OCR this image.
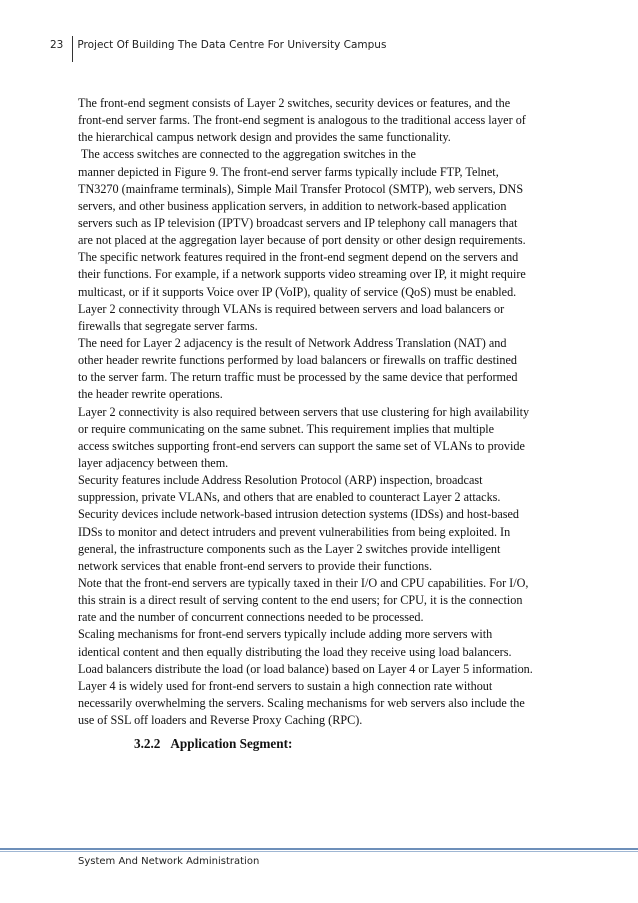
23	Project Of Building The Data Centre For University Campus
The front-end segment consists of Layer 2 switches, security devices or features, and the
front-end server farms. The front-end segment is analogous to the traditional access layer of
the hierarchical campus network design and provides the same functionality.
The access switches are connected to the aggregation switches in the
manner depicted in Figure 9. The front-end server farms typically include FTP, Telnet,
TN3270 (mainframe terminals), Simple Mail Transfer Protocol (SMTP), web servers, DNS
servers, and other business application servers, in addition to network-based application
servers such as IP television (IPTV) broadcast servers and IP telephony call managers that
are not placed at the aggregation layer because of port density or other design requirements.
The specific network features required in the front-end segment depend on the servers and
their functions. For example, if a network supports video streaming over IP, it might require
multicast, or if it supports Voice over IP (VoIP), quality of service (QoS) must be enabled.
Layer 2 connectivity through VLANs is required between servers and load balancers or
firewalls that segregate server farms.
The need for Layer 2 adjacency is the result of Network Address Translation (NAT) and
other header rewrite functions performed by load balancers or firewalls on traffic destined
to the server farm. The return traffic must be processed by the same device that performed
the header rewrite operations.
Layer 2 connectivity is also required between servers that use clustering for high availability
or require communicating on the same subnet. This requirement implies that multiple
access switches supporting front-end servers can support the same set of VLANs to provide
layer adjacency between them.
Security features include Address Resolution Protocol (ARP) inspection, broadcast
suppression, private VLANs, and others that are enabled to counteract Layer 2 attacks.
Security devices include network-based intrusion detection systems (IDSs) and host-based
IDSs to monitor and detect intruders and prevent vulnerabilities from being exploited. In
general, the infrastructure components such as the Layer 2 switches provide intelligent
network services that enable front-end servers to provide their functions.
Note that the front-end servers are typically taxed in their I/O and CPU capabilities. For I/O,
this strain is a direct result of serving content to the end users; for CPU, it is the connection
rate and the number of concurrent connections needed to be processed.
Scaling mechanisms for front-end servers typically include adding more servers with
identical content and then equally distributing the load they receive using load balancers.
Load balancers distribute the load (or load balance) based on Layer 4 or Layer 5 information.
Layer 4 is widely used for front-end servers to sustain a high connection rate without
necessarily overwhelming the servers. Scaling mechanisms for web servers also include the
use of SSL off loaders and Reverse Proxy Caching (RPC).
3.2.2 Application Segment:
System And Network Administration
